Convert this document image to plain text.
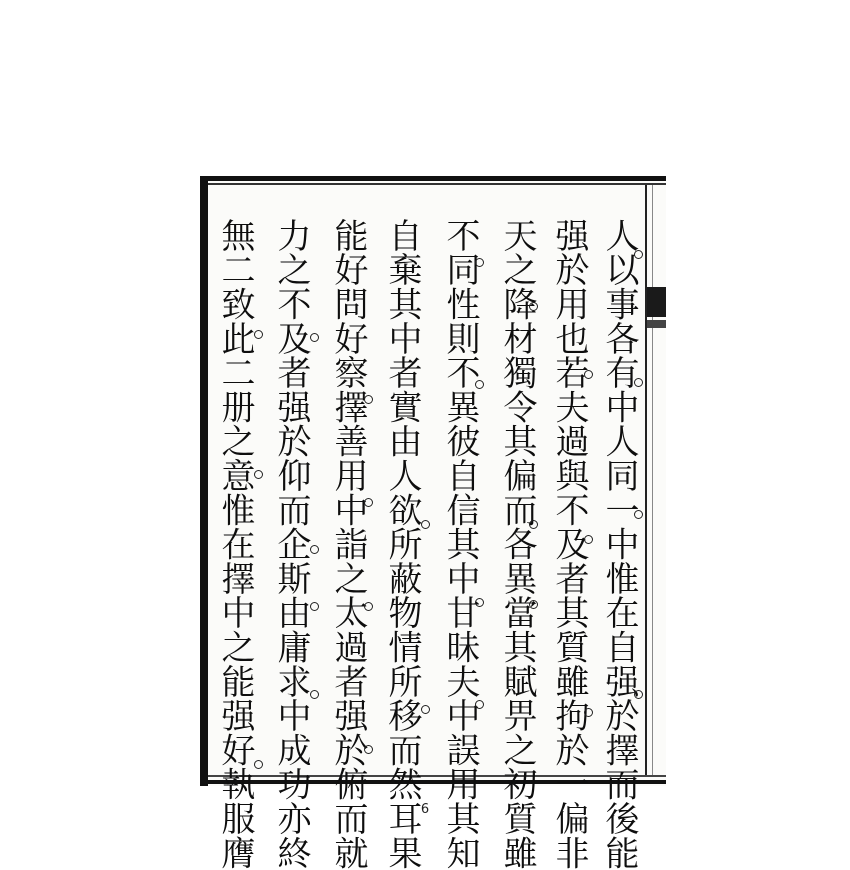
人以事各有中人同一中惟在自强於擇而後能
强於用也若夫過與不及者其質雖拘於一偏非
天之降材獨令其偏而各異當其賦畀之初質雖
不同性則不異彼自信其中甘昧夫中誤用其知
自棄其中者實由人欲所蔽物情所移而然耳果
能好問好察擇善用中詣之太過者强於俯而就
力之不及者强於仰而企斯由庸求中成功亦終
無二致此二册之意惟在擇中之能强好執服膺	6
